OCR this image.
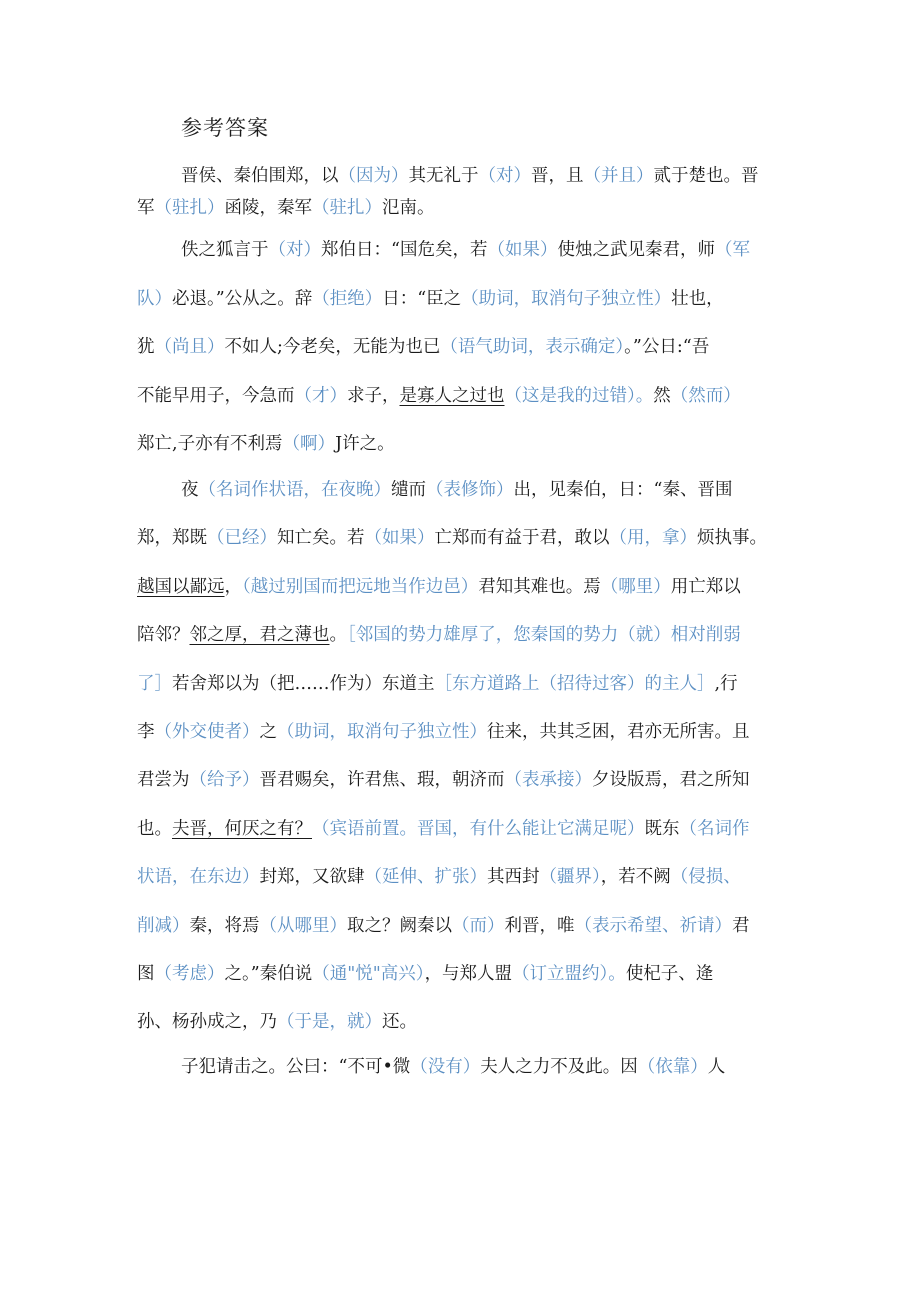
参考答案
晋侯、秦伯围郑，以（因为）其无礼于（对）晋，且（并且）贰于楚也。晋
军（驻扎）函陵，秦军（驻扎）氾南。
佚之狐言于（对）郑伯日：“国危矣，若（如果）使烛之武见秦君，师（军
队）必退。”公从之。辞（拒绝）日：“臣之（助词，取消句子独立性）壮也，
犹（尚且）不如人;今老矣，无能为也已（语气助词，表示确定）。”公日:“吾
不能早用子，今急而（才）求子，是寡人之过也（这是我的过错）。然（然而）
郑亡,子亦有不利焉（啊）J许之。
夜（名词作状语，在夜晚）缱而（表修饰）出，见秦伯，日：“秦、晋围
郑，郑既（已经）知亡矣。若（如果）亡郑而有益于君，敢以（用，拿）烦执事。
越国以鄙远，（越过别国而把远地当作边邑）君知其难也。焉（哪里）用亡郑以
陪邻？邻之厚，君之薄也。［邻国的势力雄厚了，您秦国的势力（就）相对削弱
了］若舍郑以为（把……作为）东道主［东方道路上（招待过客）的主人］,行
李（外交使者）之（助词，取消句子独立性）往来，共其乏困，君亦无所害。且
君尝为（给予）晋君赐矣，许君焦、瑕，朝济而（表承接）夕设版焉，君之所知
也。夫晋，何厌之有？（宾语前置。晋国，有什么能让它满足呢）既东（名词作
状语，在东边）封郑，又欲肆（延伸、扩张）其西封（疆界），若不阙（侵损、
削减）秦，将焉（从哪里）取之？阙秦以（而）利晋，唯（表示希望、祈请）君
图（考虑）之。”秦伯说（通"悦"高兴），与郑人盟（订立盟约）。使杞子、逄
孙、杨孙成之，乃（于是，就）还。
子犯请击之。公曰：“不可•微（没有）夫人之力不及此。因（依靠）人
